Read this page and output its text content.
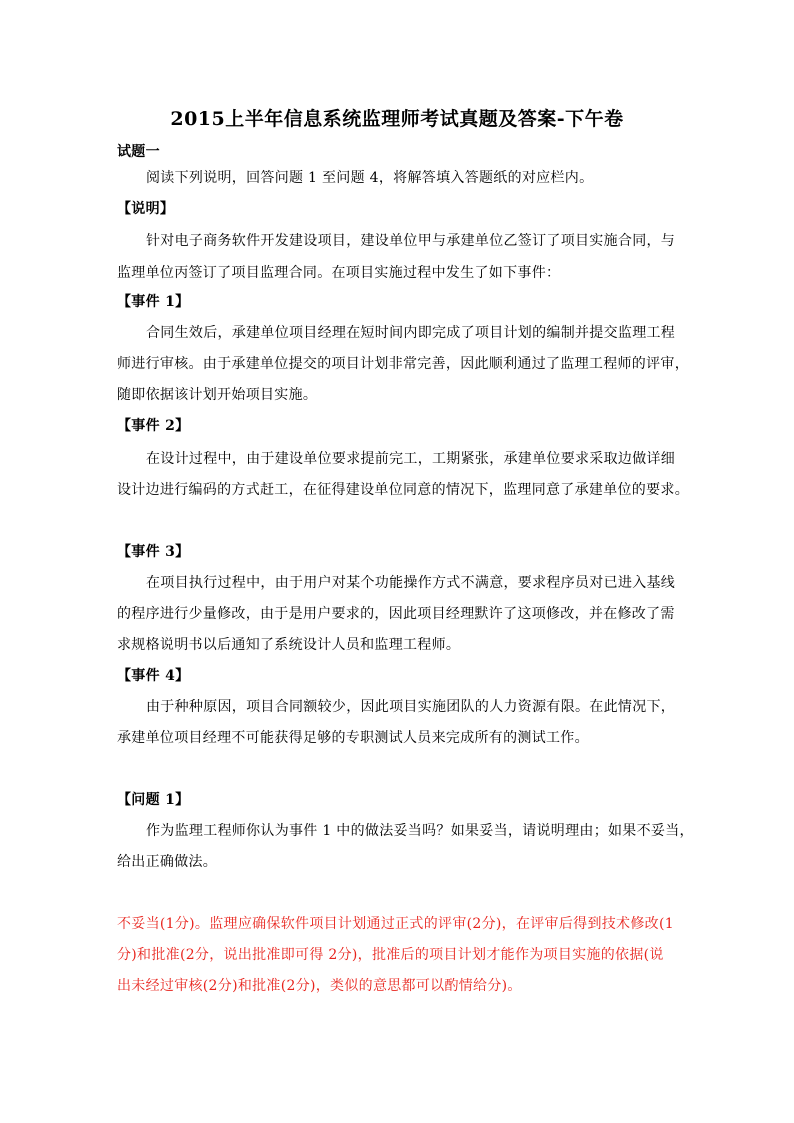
2015上半年信息系统监理师考试真题及答案-下午卷
试题一
阅读下列说明，回答问题 1 至问题 4，将解答填入答题纸的对应栏内。
【说明】
针对电子商务软件开发建设项目，建设单位甲与承建单位乙签订了项目实施合同，与
监理单位丙签订了项目监理合同。在项目实施过程中发生了如下事件：
【事件 1】
合同生效后，承建单位项目经理在短时间内即完成了项目计划的编制并提交监理工程
师进行审核。由于承建单位提交的项目计划非常完善，因此顺利通过了监理工程师的评审，
随即依据该计划开始项目实施。
【事件 2】
在设计过程中，由于建设单位要求提前完工，工期紧张，承建单位要求采取边做详细
设计边进行编码的方式赶工，在征得建设单位同意的情况下，监理同意了承建单位的要求。
【事件 3】
在项目执行过程中，由于用户对某个功能操作方式不满意，要求程序员对已进入基线
的程序进行少量修改，由于是用户要求的，因此项目经理默许了这项修改，并在修改了需
求规格说明书以后通知了系统设计人员和监理工程师。
【事件 4】
由于种种原因，项目合同额较少，因此项目实施团队的人力资源有限。在此情况下，
承建单位项目经理不可能获得足够的专职测试人员来完成所有的测试工作。
【问题 1】
作为监理工程师你认为事件 1 中的做法妥当吗？如果妥当，请说明理由；如果不妥当，
给出正确做法。
不妥当(1分)。监理应确保软件项目计划通过正式的评审(2分)，在评审后得到技术修改(1
分)和批准(2分，说出批准即可得 2分)，批准后的项目计划才能作为项目实施的依据(说
出未经过审核(2分)和批准(2分)，类似的意思都可以酌情给分)。
